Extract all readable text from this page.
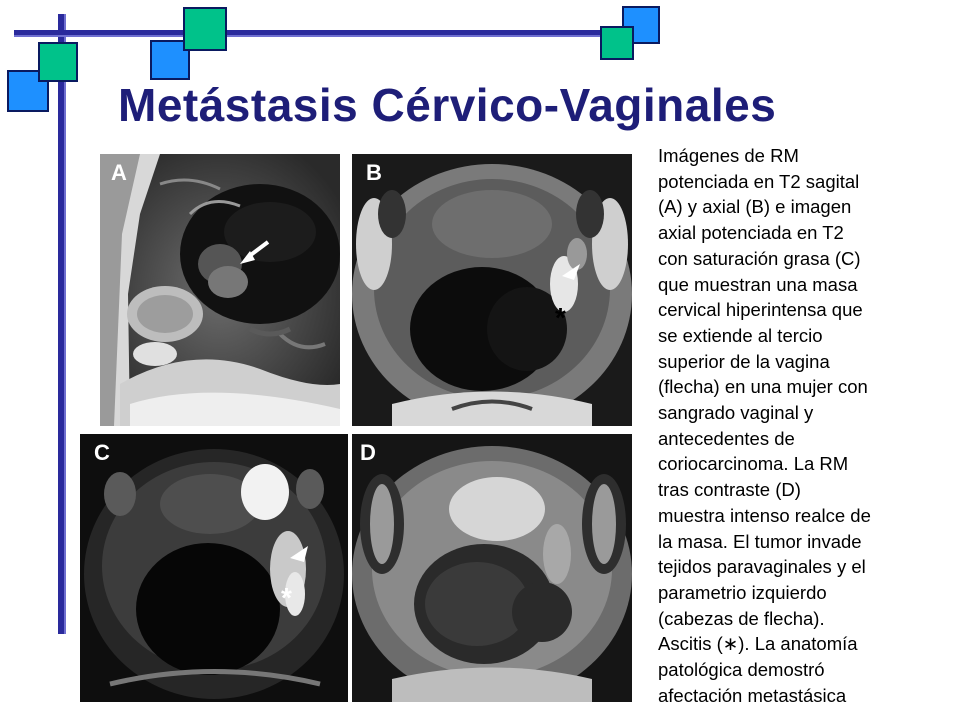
Metástasis Cérvico-Vaginales
A	B
*
C
*
D
Imágenes de RM
potenciada en T2 sagital
(A) y axial (B) e imagen
axial potenciada en T2
con saturación grasa (C)
que muestran una masa
cervical hiperintensa que
se extiende al tercio
superior de la vagina
(flecha) en una mujer con
sangrado vaginal y
antecedentes de
coriocarcinoma. La RM
tras contraste (D)
muestra intenso realce de
la masa. El tumor invade
tejidos paravaginales y el
parametrio izquierdo
(cabezas de flecha).
Ascitis (∗). La anatomía
patológica demostró
afectación metastásica
